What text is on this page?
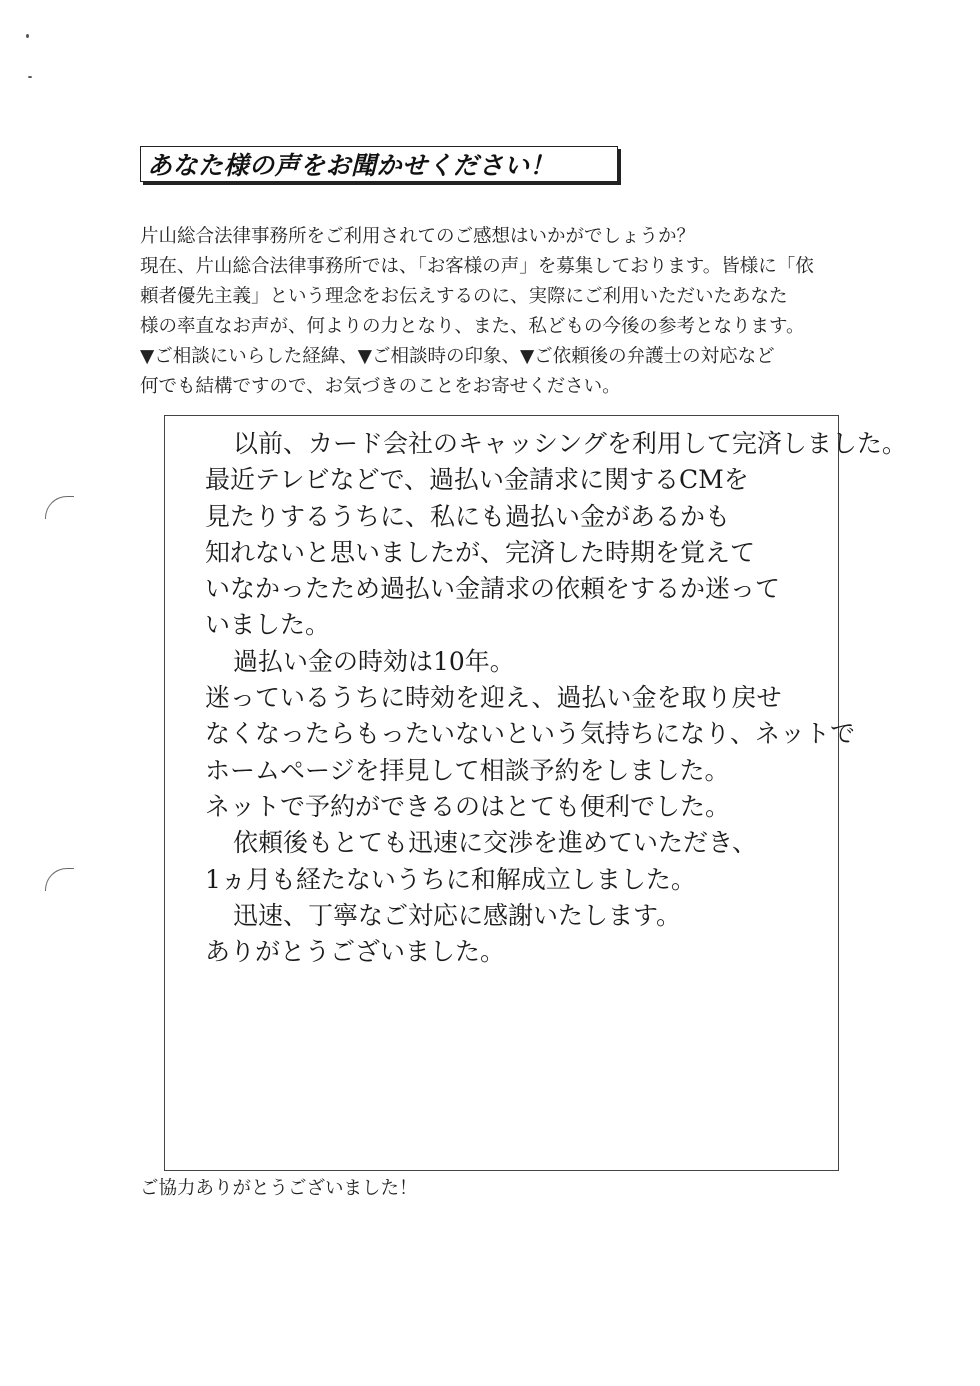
あなた様の声をお聞かせください！
片山総合法律事務所をご利用されてのご感想はいかがでしょうか？
現在、片山総合法律事務所では、「お客様の声」を募集しております。皆様に「依
頼者優先主義」という理念をお伝えするのに、実際にご利用いただいたあなた
様の率直なお声が、何よりの力となり、また、私どもの今後の参考となります。
▼ご相談にいらした経緯、▼ご相談時の印象、▼ご依頼後の弁護士の対応など
何でも結構ですので、お気づきのことをお寄せください。
以前、カード会社のキャッシングを利用して完済しました。
最近テレビなどで、過払い金請求に関するCMを
見たりするうちに、私にも過払い金があるかも
知れないと思いましたが、完済した時期を覚えて
いなかったため過払い金請求の依頼をするか迷って
いました。
過払い金の時効は10年。
迷っているうちに時効を迎え、過払い金を取り戻せ
なくなったらもったいないという気持ちになり、ネットで
ホームページを拝見して相談予約をしました。
ネットで予約ができるのはとても便利でした。
依頼後もとても迅速に交渉を進めていただき、
1ヵ月も経たないうちに和解成立しました。
迅速、丁寧なご対応に感謝いたします。
ありがとうございました。
ご協力ありがとうございました！
